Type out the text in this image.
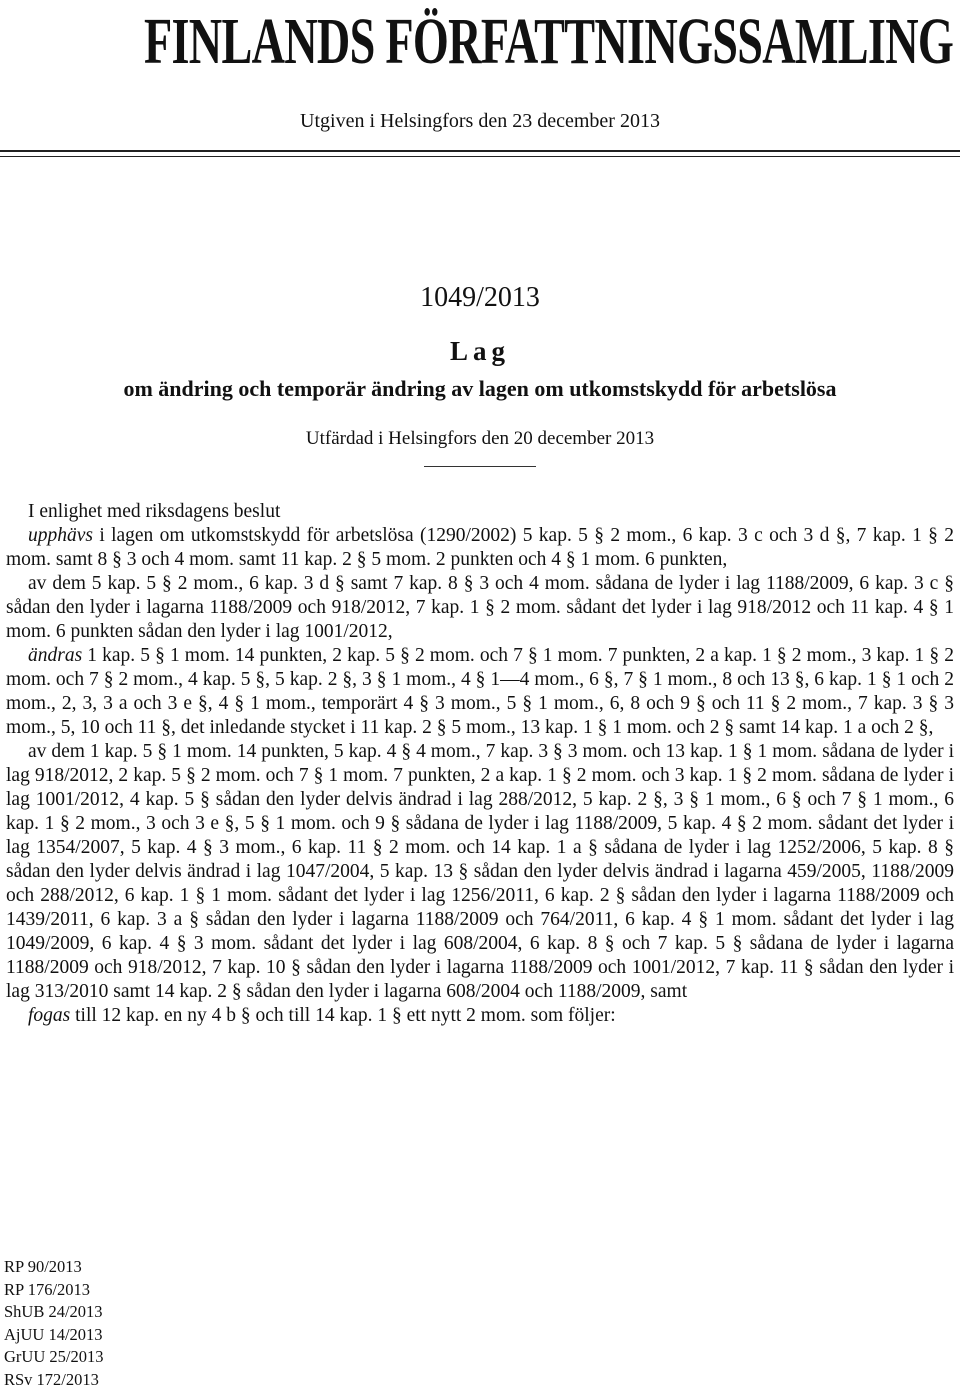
FINLANDS FÖRFATTNINGSSAMLING
Utgiven i Helsingfors den 23 december 2013
1049/2013
Lag
om ändring och temporär ändring av lagen om utkomstskydd för arbetslösa
Utfärdad i Helsingfors den 20 december 2013

I enlighet med riksdagens beslut

upphävs i lagen om utkomstskydd för arbetslösa (1290/2002) 5 kap. 5 § 2 mom., 6 kap. 3 c och 3 d §, 7 kap. 1 § 2 mom. samt 8 § 3 och 4 mom. samt 11 kap. 2 § 5 mom. 2 punkten och 4 § 1 mom. 6 punkten,

av dem 5 kap. 5 § 2 mom., 6 kap. 3 d § samt 7 kap. 8 § 3 och 4 mom. sådana de lyder i lag 1188/2009, 6 kap. 3 c § sådan den lyder i lagarna 1188/2009 och 918/2012, 7 kap. 1 § 2 mom. sådant det lyder i lag 918/2012 och 11 kap. 4 § 1 mom. 6 punkten sådan den lyder i lag 1001/2012,

ändras 1 kap. 5 § 1 mom. 14 punkten, 2 kap. 5 § 2 mom. och 7 § 1 mom. 7 punkten, 2 a kap. 1 § 2 mom., 3 kap. 1 § 2 mom. och 7 § 2 mom., 4 kap. 5 §, 5 kap. 2 §, 3 § 1 mom., 4 § 1—4 mom., 6 §, 7 § 1 mom., 8 och 13 §, 6 kap. 1 § 1 och 2 mom., 2, 3, 3 a och 3 e §, 4 § 1 mom., temporärt 4 § 3 mom., 5 § 1 mom., 6, 8 och 9 § och 11 § 2 mom., 7 kap. 3 § 3 mom., 5, 10 och 11 §, det inledande stycket i 11 kap. 2 § 5 mom., 13 kap. 1 § 1 mom. och 2 § samt 14 kap. 1 a och 2 §,

av dem 1 kap. 5 § 1 mom. 14 punkten, 5 kap. 4 § 4 mom., 7 kap. 3 § 3 mom. och 13 kap. 1 § 1 mom. sådana de lyder i lag 918/2012, 2 kap. 5 § 2 mom. och 7 § 1 mom. 7 punkten, 2 a kap. 1 § 2 mom. och 3 kap. 1 § 2 mom. sådana de lyder i lag 1001/2012, 4 kap. 5 § sådan den lyder delvis ändrad i lag 288/2012, 5 kap. 2 §, 3 § 1 mom., 6 § och 7 § 1 mom., 6 kap. 1 § 2 mom., 3 och 3 e §, 5 § 1 mom. och 9 § sådana de lyder i lag 1188/2009, 5 kap. 4 § 2 mom. sådant det lyder i lag 1354/2007, 5 kap. 4 § 3 mom., 6 kap. 11 § 2 mom. och 14 kap. 1 a § sådana de lyder i lag 1252/2006, 5 kap. 8 § sådan den lyder delvis ändrad i lag 1047/2004, 5 kap. 13 § sådan den lyder delvis ändrad i lagarna 459/2005, 1188/2009 och 288/2012, 6 kap. 1 § 1 mom. sådant det lyder i lag 1256/2011, 6 kap. 2 § sådan den lyder i lagarna 1188/2009 och 1439/2011, 6 kap. 3 a § sådan den lyder i lagarna 1188/2009 och 764/2011, 6 kap. 4 § 1 mom. sådant det lyder i lag 1049/2009, 6 kap. 4 § 3 mom. sådant det lyder i lag 608/2004, 6 kap. 8 § och 7 kap. 5 § sådana de lyder i lagarna 1188/2009 och 918/2012, 7 kap. 10 § sådan den lyder i lagarna 1188/2009 och 1001/2012, 7 kap. 11 § sådan den lyder i lag 313/2010 samt 14 kap. 2 § sådan den lyder i lagarna 608/2004 och 1188/2009, samt

fogas till 12 kap. en ny 4 b § och till 14 kap. 1 § ett nytt 2 mom. som följer:

RP 90/2013
RP 176/2013
ShUB 24/2013
AjUU 14/2013
GrUU 25/2013
RSv 172/2013
